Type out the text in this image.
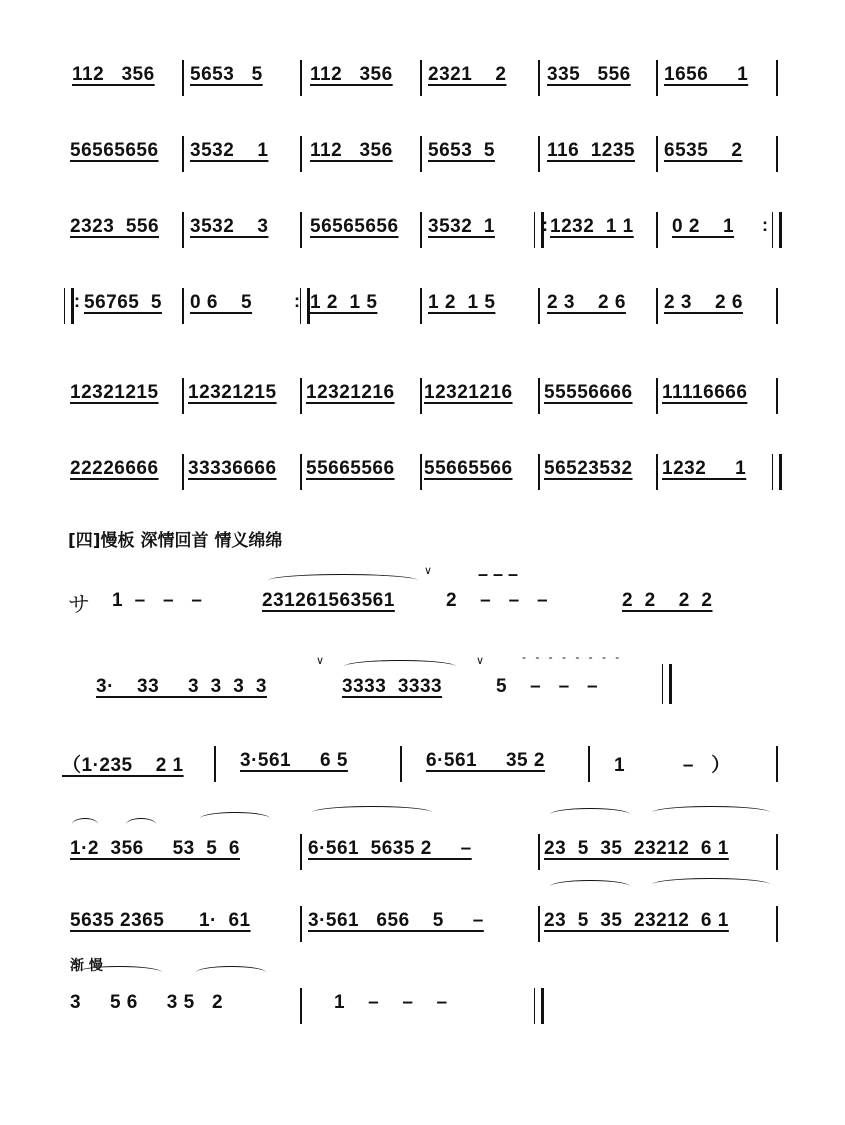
112   356 5653   5 112   356 2321    2 335   556 1656     1
56565656 3532    1 112   356 5653  5	116  1235 6535    2
2323  556 3532    3 56565656 3532  1	: 1232  1 1 0 2    1 :
: 56765  5 0 6    5 : 1 2  1 5	1 2  1 5	2 3    2 6 2 3    2 6
12321215 12321215 12321216 12321216 55556666 11116666
22226666 33336666 55665566 55665566 56523532 1232     1
[四]慢板 深情回首 情义绵绵
サ 1  –   –   –	231261563561
∨	– – –
2    –   –   –	2  2    2  2
3·    33     3  3  3  3
∨
3333  3333
∨	- - - - - - - -
5    –   –   –
（1·235    2 1	3·561     6 5	6·561     35 2	1          –   ）
1·2  356     53  5  6	6·561  5635 2     –	23  5  35  23212  6 1
5635 2365      1·  61	3·561   656    5     –	23  5  35  23212  6 1
渐 慢
3     5 6     3 5   2	1    –    –    –
